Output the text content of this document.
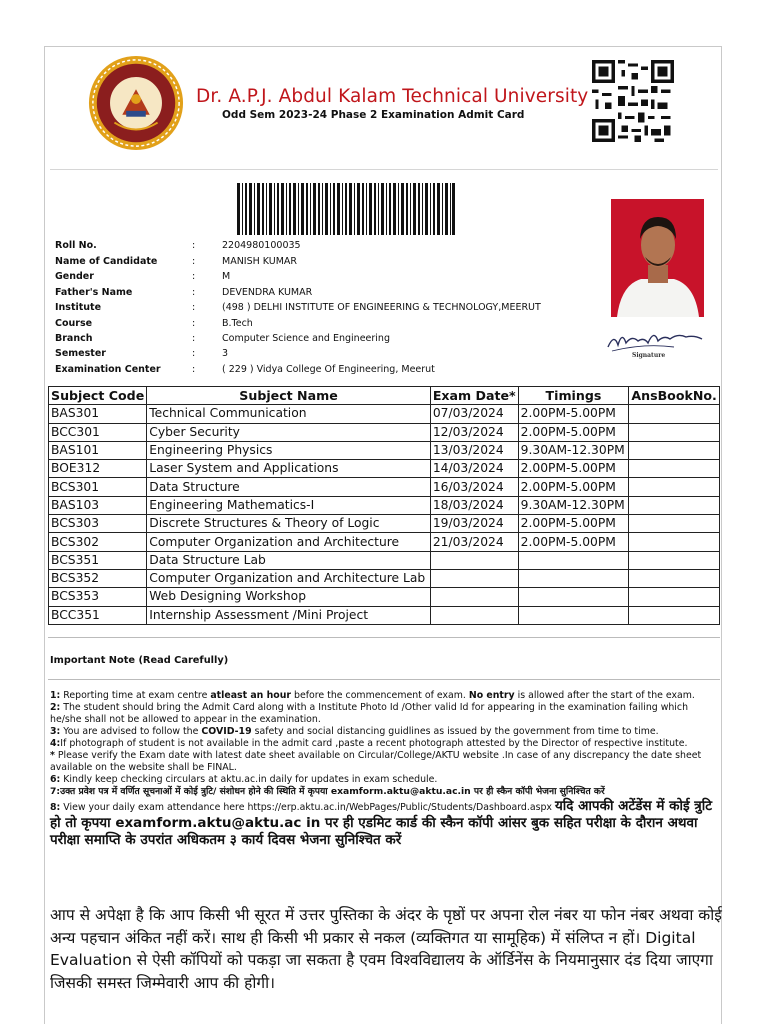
Dr. A.P.J. Abdul Kalam Technical University
Odd Sem 2023-24 Phase 2 Examination Admit Card
Signature
Roll No.	:	2204980100035
Name of Candidate	:	MANISH KUMAR
Gender	:	M
Father's Name	:	DEVENDRA KUMAR
Institute	:	(498 ) DELHI INSTITUTE OF ENGINEERING & TECHNOLOGY,MEERUT
Course	:	B.Tech
Branch	:	Computer Science and Engineering
Semester	:	3
Examination Center	:	( 229 ) Vidya College Of Engineering, Meerut
Subject Code	Subject Name	Exam Date*	Timings	AnsBookNo.
BAS301	Technical Communication	07/03/2024	2.00PM-5.00PM	
BCC301	Cyber Security	12/03/2024	2.00PM-5.00PM	
BAS101	Engineering Physics	13/03/2024	9.30AM-12.30PM	
BOE312	Laser System and Applications	14/03/2024	2.00PM-5.00PM	
BCS301	Data Structure	16/03/2024	2.00PM-5.00PM	
BAS103	Engineering Mathematics-I	18/03/2024	9.30AM-12.30PM	
BCS303	Discrete Structures & Theory of Logic	19/03/2024	2.00PM-5.00PM	
BCS302	Computer Organization and Architecture	21/03/2024	2.00PM-5.00PM	
BCS351	Data Structure Lab			
BCS352	Computer Organization and Architecture Lab			
BCS353	Web Designing Workshop			
BCC351	Internship Assessment /Mini Project			
Important Note (Read Carefully)

1: Reporting time at exam centre atleast an hour before the commencement of exam. No entry is allowed after the start of the exam.

2: The student should bring the Admit Card along with a Institute Photo Id /Other valid Id for appearing in the examination failing which he/she shall not be allowed to appear in the examination.

3: You are advised to follow the COVID-19 safety and social distancing guidlines as issued by the government from time to time.

4:If photograph of student is not available in the admit card ,paste a recent photograph attested by the Director of respective institute.

* Please verify the Exam date with latest date sheet available on Circular/College/AKTU website .In case of any discrepancy the date sheet available on the website shall be FINAL.

6: Kindly keep checking circulars at aktu.ac.in daily for updates in exam schedule.

7:उक्त प्रवेश पत्र में वर्णित सूचनाओं में कोई त्रुटि/ संशोधन होने की स्थिति में कृपया examform.aktu@aktu.ac.in पर ही स्कैन कॉपी भेजना सुनिश्चित करें

8: View your daily exam attendance here https://erp.aktu.ac.in/WebPages/Public/Students/Dashboard.aspx यदि आपकी अटेंडेंस में कोई त्रुटि हो तो कृपया examform.aktu@aktu.ac in पर ही एडमिट कार्ड की स्कैन कॉपी आंसर बुक सहित परीक्षा के दौरान अथवा परीक्षा समाप्ति के उपरांत अधिकतम ३ कार्य दिवस भेजना सुनिश्चित करें

आप से अपेक्षा है कि आप किसी भी सूरत में उत्तर पुस्तिका के अंदर के पृष्ठों पर अपना रोल नंबर या फोन नंबर अथवा कोई अन्य पहचान अंकित नहीं करें। साथ ही किसी भी प्रकार से नकल (व्यक्तिगत या सामूहिक) में संलिप्त न हों। Digital Evaluation से ऐसी कॉपियों को पकड़ा जा सकता है एवम विश्वविद्यालय के ऑर्डिनेंस के नियमानुसार दंड दिया जाएगा जिसकी समस्त जिम्मेवारी आप की होगी।
